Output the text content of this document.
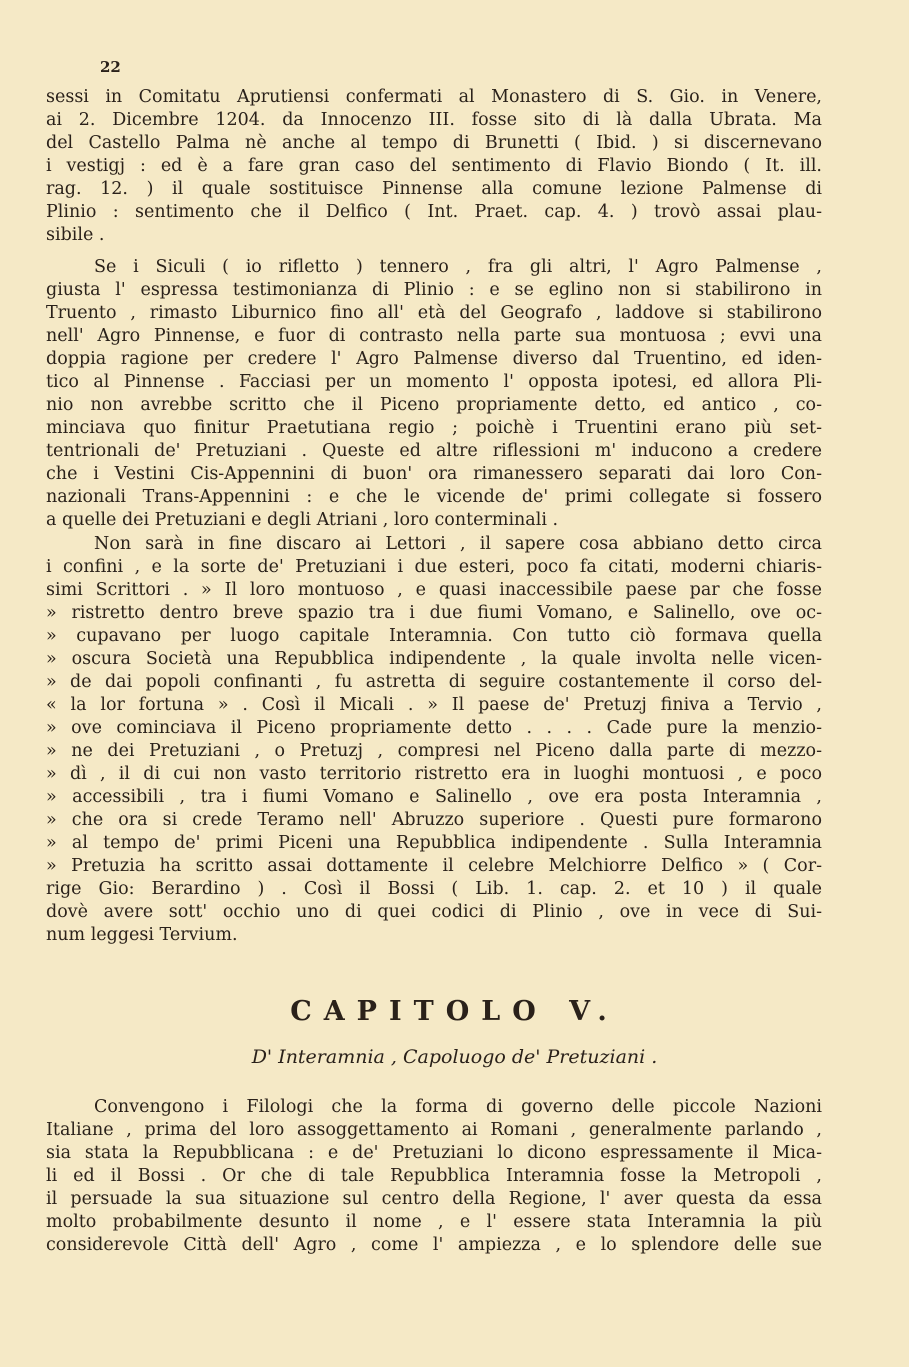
22
sessi in Comitatu Aprutiensi confermati al Monastero di S. Gio. in Venere,
ai 2. Dicembre 1204. da Innocenzo III. fosse sito di là dalla Ubrata. Ma
del Castello Palma nè anche al tempo di Brunetti ( Ibid. ) si discernevano
i vestigj : ed è a fare gran caso del sentimento di Flavio Biondo ( It. ill.
rag. 12. ) il quale sostituisce Pinnense alla comune lezione Palmense di
Plinio : sentimento che il Delfico ( Int. Praet. cap. 4. ) trovò assai plau-
sibile .
Se i Siculi ( io rifletto ) tennero , fra gli altri, l' Agro Palmense ,
giusta l' espressa testimonianza di Plinio : e se eglino non si stabilirono in
Truento , rimasto Liburnico fino all' età del Geografo , laddove si stabilirono
nell' Agro Pinnense, e fuor di contrasto nella parte sua montuosa ; evvi una
doppia ragione per credere l' Agro Palmense diverso dal Truentino, ed iden-
tico al Pinnense . Facciasi per un momento l' opposta ipotesi, ed allora Pli-
nio non avrebbe scritto che il Piceno propriamente detto, ed antico , co-
minciava quo finitur Praetutiana regio ; poichè i Truentini erano più set-
tentrionali de' Pretuziani . Queste ed altre riflessioni m' inducono a credere
che i Vestini Cis-Appennini di buon' ora rimanessero separati dai loro Con-
nazionali Trans-Appennini : e che le vicende de' primi collegate si fossero
a quelle dei Pretuziani e degli Atriani , loro conterminali .
Non sarà in fine discaro ai Lettori , il sapere cosa abbiano detto circa
i confini , e la sorte de' Pretuziani i due esteri, poco fa citati, moderni chiaris-
simi Scrittori . » Il loro montuoso , e quasi inaccessibile paese par che fosse
» ristretto dentro breve spazio tra i due fiumi Vomano, e Salinello, ove oc-
» cupavano per luogo capitale Interamnia. Con tutto ciò formava quella
» oscura Società una Repubblica indipendente , la quale involta nelle vicen-
» de dai popoli confinanti , fu astretta di seguire costantemente il corso del-
« la lor fortuna » . Così il Micali . » Il paese de' Pretuzj finiva a Tervio ,
» ove cominciava il Piceno propriamente detto . . . . Cade pure la menzio-
» ne dei Pretuziani , o Pretuzj , compresi nel Piceno dalla parte di mezzo-
» dì , il di cui non vasto territorio ristretto era in luoghi montuosi , e poco
» accessibili , tra i fiumi Vomano e Salinello , ove era posta Interamnia ,
» che ora si crede Teramo nell' Abruzzo superiore . Questi pure formarono
» al tempo de' primi Piceni una Repubblica indipendente . Sulla Interamnia
» Pretuzia ha scritto assai dottamente il celebre Melchiorre Delfico » ( Cor-
rige Gio: Berardino ) . Così il Bossi ( Lib. 1. cap. 2. et 10 ) il quale
dovè avere sott' occhio uno di quei codici di Plinio , ove in vece di Sui-
num leggesi Tervium.
CAPITOLO V.
D' Interamnia , Capoluogo de' Pretuziani .
Convengono i Filologi che la forma di governo delle piccole Nazioni
Italiane , prima del loro assoggettamento ai Romani , generalmente parlando ,
sia stata la Repubblicana : e de' Pretuziani lo dicono espressamente il Mica-
li ed il Bossi . Or che di tale Repubblica Interamnia fosse la Metropoli ,
il persuade la sua situazione sul centro della Regione, l' aver questa da essa
molto probabilmente desunto il nome , e l' essere stata Interamnia la più
considerevole Città dell' Agro , come l' ampiezza , e lo splendore delle sue
